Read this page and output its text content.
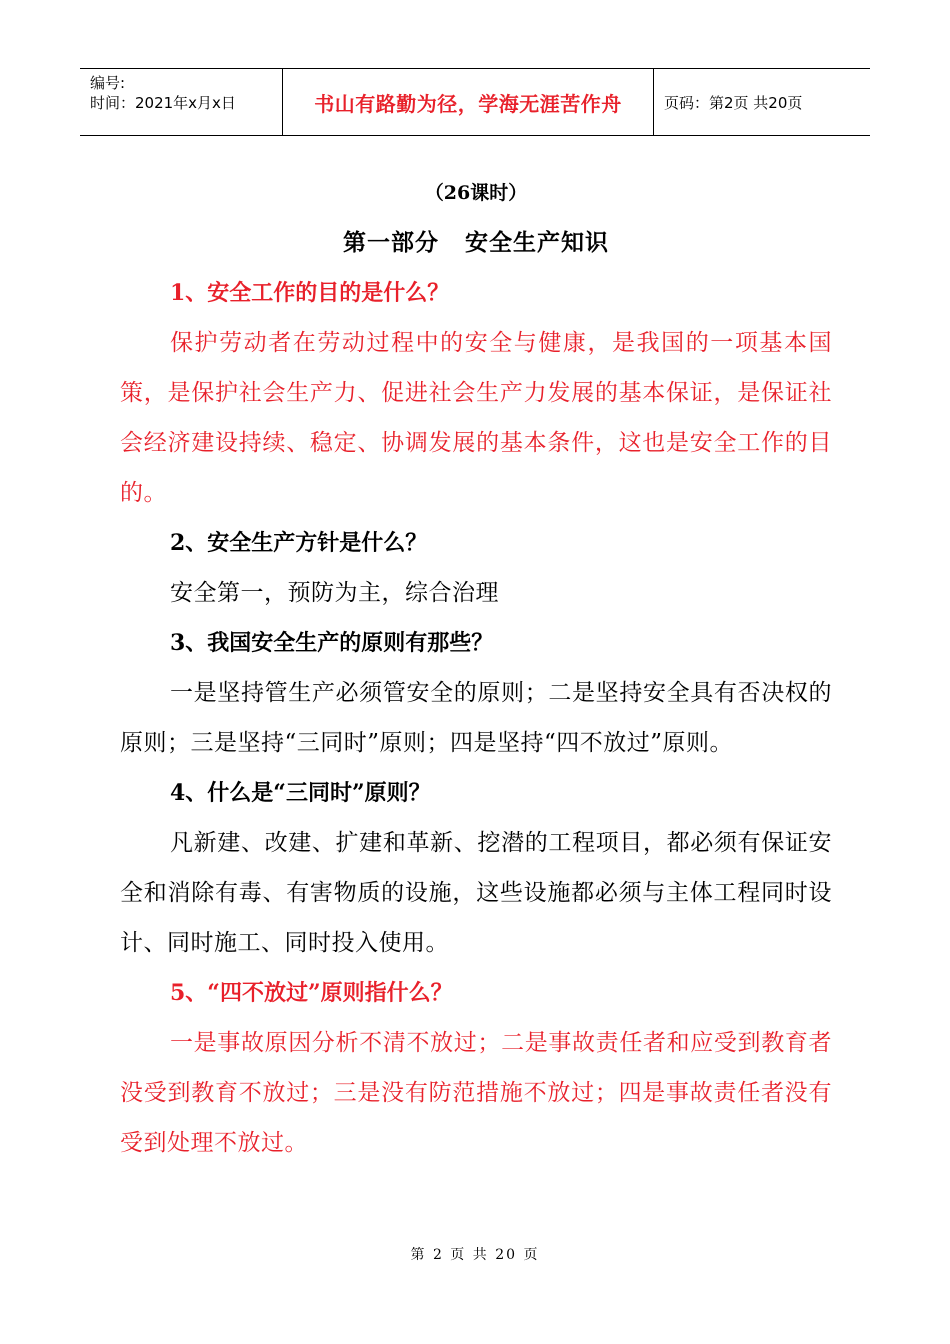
编号:
时间：2021年x月x日	书山有路勤为径，学海无涯苦作舟	页码：第2页 共20页
（26课时）
第一部分 安全生产知识
1、安全工作的目的是什么？
保护劳动者在劳动过程中的安全与健康，是我国的一项基本国策，是保护社会生产力、促进社会生产力发展的基本保证，是保证社会经济建设持续、稳定、协调发展的基本条件，这也是安全工作的目的。
2、安全生产方针是什么？
安全第一，预防为主，综合治理
3、我国安全生产的原则有那些？
一是坚持管生产必须管安全的原则；二是坚持安全具有否决权的原则；三是坚持“三同时”原则；四是坚持“四不放过”原则。
4、什么是“三同时”原则？
凡新建、改建、扩建和革新、挖潜的工程项目，都必须有保证安全和消除有毒、有害物质的设施，这些设施都必须与主体工程同时设计、同时施工、同时投入使用。
5、“四不放过”原则指什么？
一是事故原因分析不清不放过；二是事故责任者和应受到教育者没受到教育不放过；三是没有防范措施不放过；四是事故责任者没有受到处理不放过。
第 2 页 共 20 页
